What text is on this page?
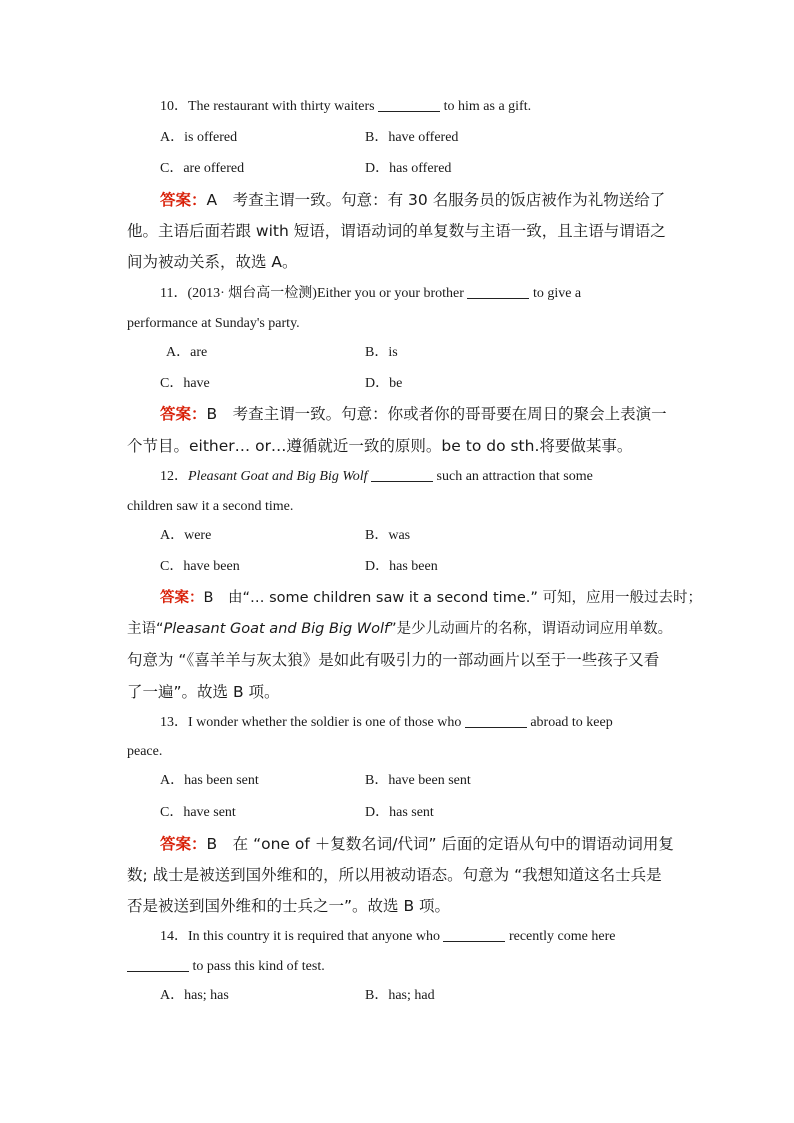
10．The restaurant with thirty waiters	to him as a gift.
A．is offered	B．have offered
C．are offered	D．has offered
答案：A　考查主谓一致。句意：有 30 名服务员的饭店被作为礼物送给了
他。主语后面若跟 with 短语，谓语动词的单复数与主语一致，且主语与谓语之
间为被动关系，故选 A。
11．(2013· 烟台高一检测)Either you or your brother	to give a
performance at Sunday's party.
A．are	B．is
C．have	D．be
答案：B　考查主谓一致。句意：你或者你的哥哥要在周日的聚会上表演一
个节目。either… or…遵循就近一致的原则。be to do sth.将要做某事。
12．Pleasant Goat and Big Big Wolf	such an attraction that some
children saw it a second time.
A．were	B．was
C．have been	D．has been
答案：B　由“… some children saw it a second time.” 可知，应用一般过去时；
主语“Pleasant Goat and Big Big Wolf”是少儿动画片的名称，谓语动词应用单数。
句意为 “《喜羊羊与灰太狼》是如此有吸引力的一部动画片以至于一些孩子又看
了一遍”。故选 B 项。
13．I wonder whether the soldier is one of those who	abroad to keep
peace.
A．has been sent	B．have been sent
C．have sent	D．has sent
答案：B　在 “one of ＋复数名词/代词” 后面的定语从句中的谓语动词用复
数; 战士是被送到国外维和的，所以用被动语态。句意为 “我想知道这名士兵是
否是被送到国外维和的士兵之一”。故选 B 项。
14．In this country it is required that anyone who	recently come here
to pass this kind of test.
A．has; has	B．has; had
